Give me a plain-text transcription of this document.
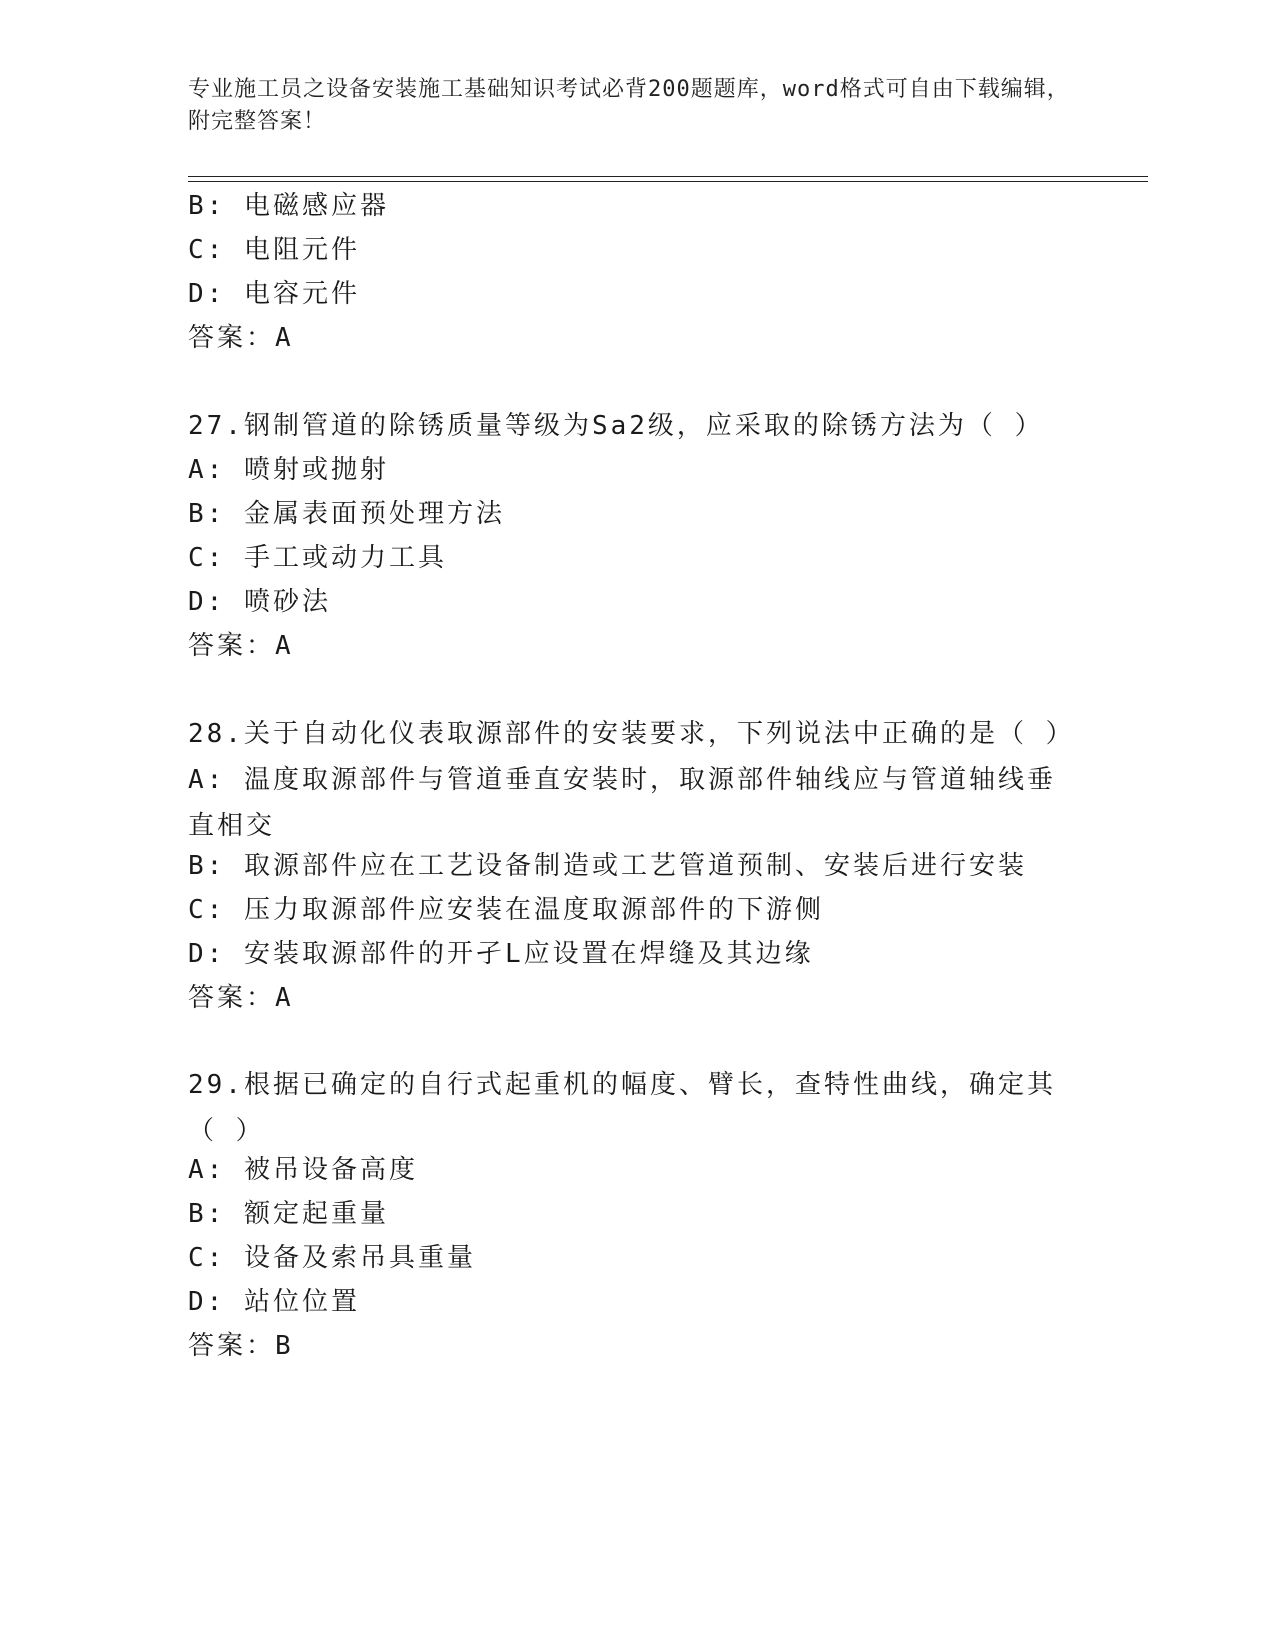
专业施工员之设备安装施工基础知识考试必背200题题库，word格式可自由下载编辑，附完整答案！
B: 电磁感应器
C: 电阻元件
D: 电容元件
答案：A
27.钢制管道的除锈质量等级为Sa2级，应采取的除锈方法为（ ）
A: 喷射或抛射
B: 金属表面预处理方法
C: 手工或动力工具
D: 喷砂法
答案：A
28.关于自动化仪表取源部件的安装要求，下列说法中正确的是（ ）
A: 温度取源部件与管道垂直安装时，取源部件轴线应与管道轴线垂直相交
B: 取源部件应在工艺设备制造或工艺管道预制、安装后进行安装
C: 压力取源部件应安装在温度取源部件的下游侧
D: 安装取源部件的开孑L应设置在焊缝及其边缘
答案：A
29.根据已确定的自行式起重机的幅度、臂长，查特性曲线，确定其（ ）
A: 被吊设备高度
B: 额定起重量
C: 设备及索吊具重量
D: 站位位置
答案：B
